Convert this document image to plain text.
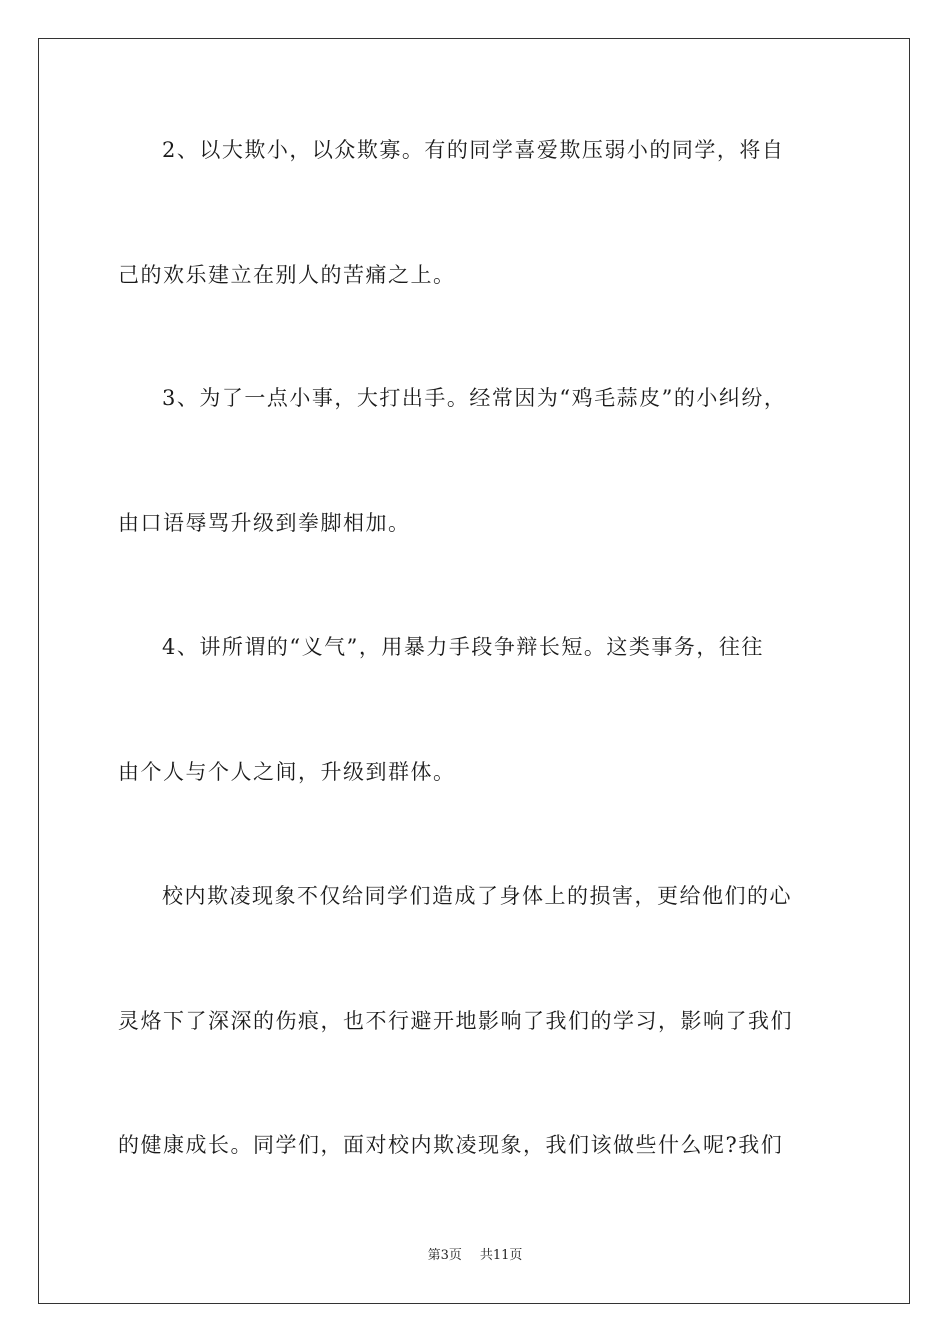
2、以大欺小，以众欺寡。有的同学喜爱欺压弱小的同学，将自
己的欢乐建立在别人的苦痛之上。
3、为了一点小事，大打出手。经常因为“鸡毛蒜皮”的小纠纷，
由口语辱骂升级到拳脚相加。
4、讲所谓的“义气”，用暴力手段争辩长短。这类事务，往往
由个人与个人之间，升级到群体。
校内欺凌现象不仅给同学们造成了身体上的损害，更给他们的心
灵烙下了深深的伤痕，也不行避开地影响了我们的学习，影响了我们
的健康成长。同学们，面对校内欺凌现象，我们该做些什么呢?我们
第3页 共11页
